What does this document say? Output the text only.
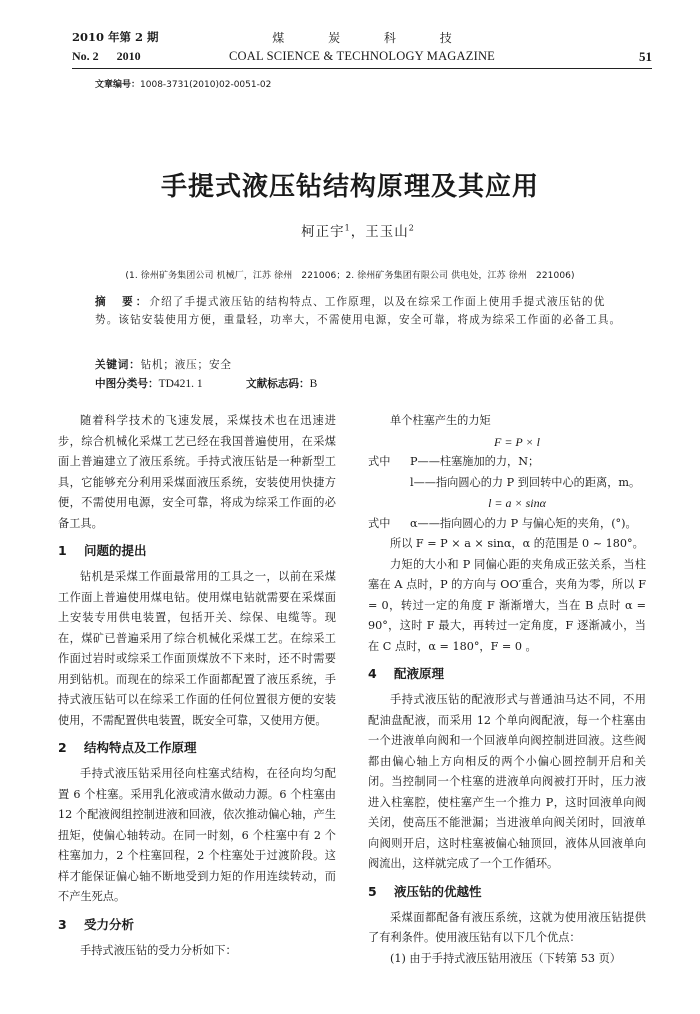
2010 年第 2 期	煤 炭 科 技
No. 2 2010	COAL SCIENCE & TECHNOLOGY MAGAZINE	51
文章编号：1008-3731(2010)02-0051-02
手提式液压钻结构原理及其应用
柯正宇$^1$，王玉山$^2$
(1. 徐州矿务集团公司 机械厂，江苏 徐州　221006；2. 徐州矿务集团有限公司 供电处，江苏 徐州　221006)
摘　要：介绍了手提式液压钻的结构特点、工作原理，以及在综采工作面上使用手提式液压钻的优势。该钻安装使用方便，重量轻，功率大，不需使用电源，安全可靠，将成为综采工作面的必备工具。
关键词：钻机；液压；安全
中图分类号：TD421. 1	文献标志码：B

随着科学技术的飞速发展，采煤技术也在迅速进步，综合机械化采煤工艺已经在我国普遍使用，在采煤面上普遍建立了液压系统。手持式液压钻是一种新型工具，它能够充分利用采煤面液压系统，安装使用快捷方便，不需使用电源，安全可靠，将成为综采工作面的必备工具。

1 问题的提出

钻机是采煤工作面最常用的工具之一，以前在采煤工作面上普遍使用煤电钻。使用煤电钻就需要在采煤面上安装专用供电装置，包括开关、综保、电缆等。现在，煤矿已普遍采用了综合机械化采煤工艺。在综采工作面过岩时或综采工作面顶煤放不下来时，还不时需要用到钻机。而现在的综采工作面都配置了液压系统，手持式液压钻可以在综采工作面的任何位置很方便的安装使用，不需配置供电装置，既安全可靠，又使用方便。

2 结构特点及工作原理

手持式液压钻采用径向柱塞式结构，在径向均匀配置 6 个柱塞。采用乳化液或清水做动力源。6 个柱塞由 12 个配液阀组控制进液和回液，依次推动偏心轴，产生扭矩，使偏心轴转动。在同一时刻，6 个柱塞中有 2 个柱塞加力，2 个柱塞回程，2 个柱塞处于过渡阶段。这样才能保证偏心轴不断地受到力矩的作用连续转动，而不产生死点。

3 受力分析

手持式液压钻的受力分析如下：

单个柱塞产生的力矩

F = P × l
式中 P——柱塞施加的力，N；
l——指向圆心的力 P 到回转中心的距离，m。
l = a × sinα
式中 α——指向圆心的力 P 与偏心矩的夹角，(°)。

所以 F = P × a × sinα，α 的范围是 0 ~ 180°。

力矩的大小和 P 同偏心距的夹角成正弦关系，当柱塞在 A 点时，P 的方向与 OO′重合，夹角为零，所以 F = 0，转过一定的角度 F 渐渐增大，当在 B 点时 α = 90°，这时 F 最大，再转过一定角度，F 逐渐减小，当在 C 点时，α = 180°，F = 0 。

4 配液原理

手持式液压钻的配液形式与普通油马达不同，不用配油盘配液，而采用 12 个单向阀配液，每一个柱塞由一个进液单向阀和一个回液单向阀控制进回液。这些阀都由偏心轴上方向相反的两个小偏心圆控制开启和关闭。当控制同一个柱塞的进液单向阀被打开时，压力液进入柱塞腔，使柱塞产生一个推力 P，这时回液单向阀关闭，使高压不能泄漏；当进液单向阀关闭时，回液单向阀则开启，这时柱塞被偏心轴顶回，液体从回液单向阀流出，这样就完成了一个工作循环。

5 液压钻的优越性

采煤面都配备有液压系统，这就为使用液压钻提供了有利条件。使用液压钻有以下几个优点：

(1) 由于手持式液压钻用液压（下转第 53 页）
